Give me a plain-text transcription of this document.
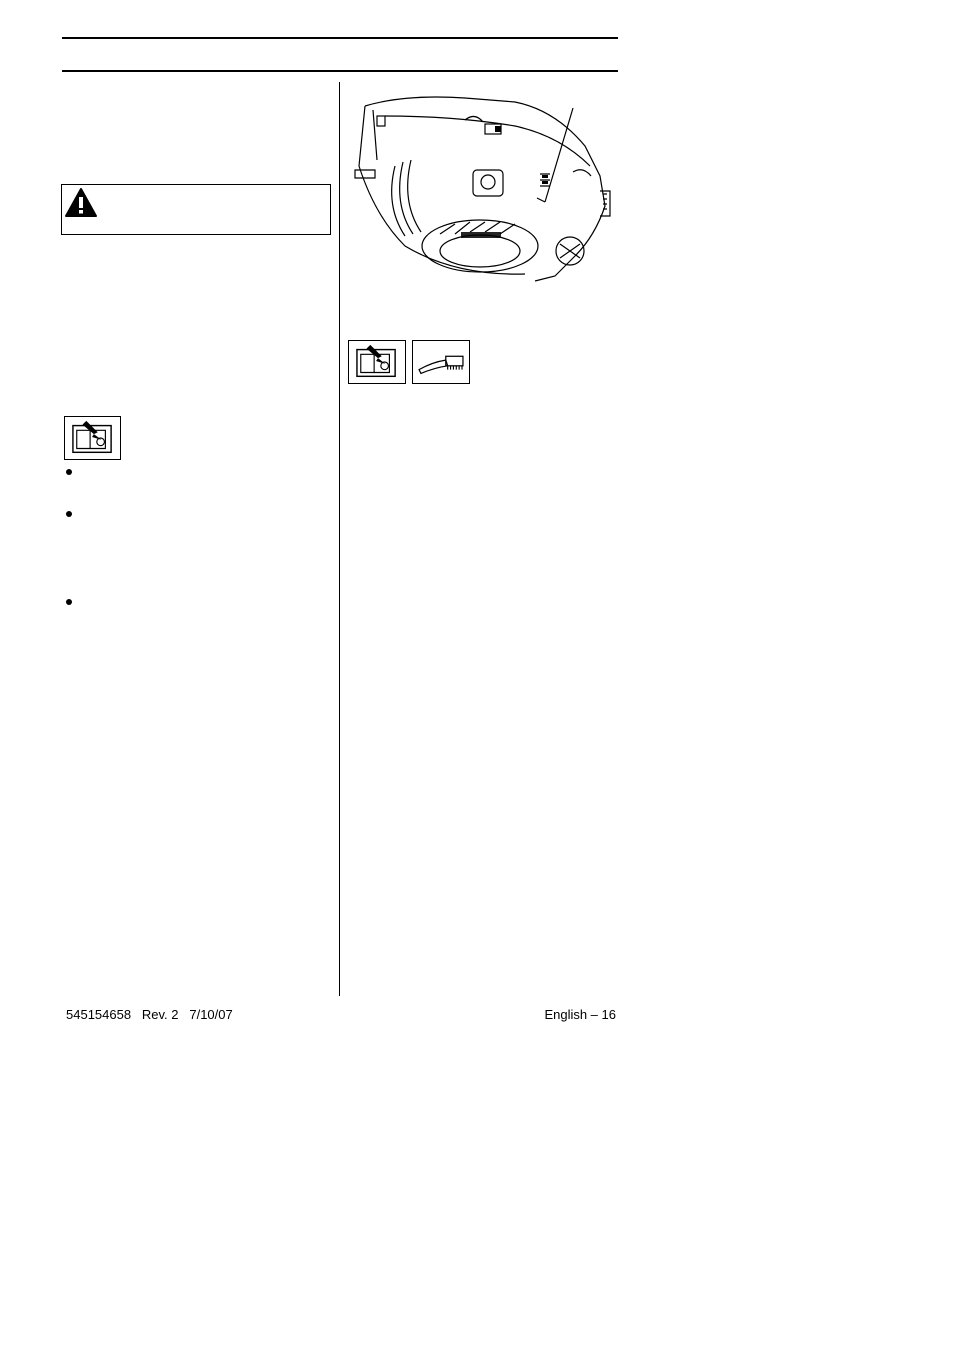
545154658   Rev. 2   7/10/07	English – 16
